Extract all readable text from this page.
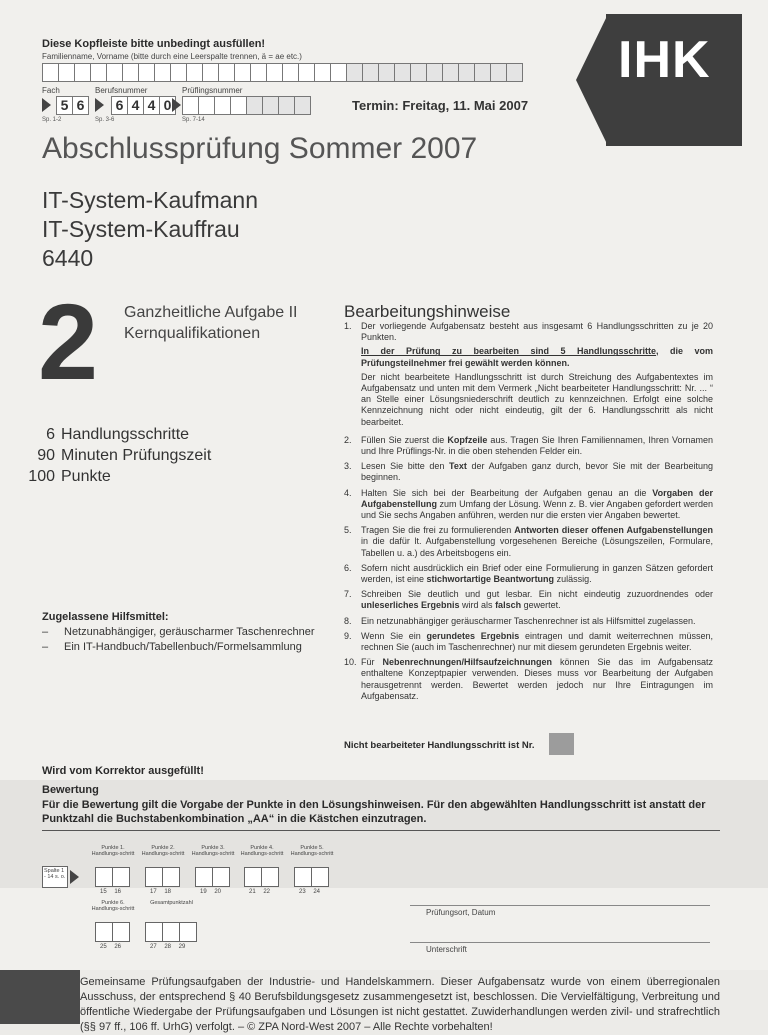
IHK
Diese Kopfleiste bitte unbedingt ausfüllen!
Familienname, Vorname (bitte durch eine Leerspalte trennen, ä = ae etc.)
Fach	Berufsnummer	Prüflingsnummer
5 6	6 4 4 0
Sp. 1-2	Sp. 3-6	Sp. 7-14
Termin: Freitag, 11. Mai 2007
Abschlussprüfung Sommer 2007
IT-System-Kaufmann
IT-System-Kauffrau
6440
2 Ganzheitliche Aufgabe II
Kernqualifikationen
6 Handlungsschritte
90 Minuten Prüfungszeit
100 Punkte
Zugelassene Hilfsmittel:
– Netzunabhängiger, geräuscharmer Taschenrechner
– Ein IT-Handbuch/Tabellenbuch/Formelsammlung
Bearbeitungshinweise
1.	Der vorliegende Aufgabensatz besteht aus insgesamt 6 Handlungsschritten zu je 20 Punkten.

In der Prüfung zu bearbeiten sind 5 Handlungsschritte, die vom Prüfungsteilnehmer frei gewählt werden können.

Der nicht bearbeitete Handlungsschritt ist durch Streichung des Aufgabentextes im Aufgabensatz und unten mit dem Vermerk „Nicht bearbeiteter Handlungsschritt: Nr. ... “ an Stelle einer Lösungsniederschrift deutlich zu kennzeichnen. Erfolgt eine solche Kennzeichnung nicht oder nicht eindeutig, gilt der 6. Handlungsschritt als nicht bearbeitet.

2.	Füllen Sie zuerst die Kopfzeile aus. Tragen Sie Ihren Familiennamen, Ihren Vornamen und Ihre Prüflings-Nr. in die oben stehenden Felder ein.
3.	Lesen Sie bitte den Text der Aufgaben ganz durch, bevor Sie mit der Bearbeitung beginnen.
4.	Halten Sie sich bei der Bearbeitung der Aufgaben genau an die Vorgaben der Aufgabenstellung zum Umfang der Lösung. Wenn z. B. vier Angaben gefordert werden und Sie sechs Angaben anführen, werden nur die ersten vier Angaben bewertet.
5.	Tragen Sie die frei zu formulierenden Antworten dieser offenen Aufgabenstellungen in die dafür lt. Aufgabenstellung vorgesehenen Bereiche (Lösungszeilen, Formulare, Tabellen u. a.) des Arbeitsbogens ein.
6.	Sofern nicht ausdrücklich ein Brief oder eine Formulierung in ganzen Sätzen gefordert werden, ist eine stichwortartige Beantwortung zulässig.
7.	Schreiben Sie deutlich und gut lesbar. Ein nicht eindeutig zuzuordnendes oder unleserliches Ergebnis wird als falsch gewertet.
8.	Ein netzunabhängiger geräuscharmer Taschenrechner ist als Hilfsmittel zugelassen.
9.	Wenn Sie ein gerundetes Ergebnis eintragen und damit weiterrechnen müssen, rechnen Sie (auch im Taschenrechner) nur mit diesem gerundeten Ergebnis weiter.
10. Für Nebenrechnungen/Hilfsaufzeichnungen können Sie das im Aufgabensatz enthaltene Konzeptpapier verwenden. Dieses muss vor Bearbeitung der Aufgaben herausgetrennt werden. Bewertet werden jedoch nur Ihre Eintragungen im Aufgabensatz.
Nicht bearbeiteter Handlungsschritt ist Nr.
Wird vom Korrektor ausgefüllt!
Bewertung
Für die Bewertung gilt die Vorgabe der Punkte in den Lösungshinweisen. Für den abgewählten Handlungsschritt ist anstatt der Punktzahl die Buchstabenkombination „AA“ in die Kästchen einzutragen.
Spalte 1 - 14 s. o.
Punkte 1. Handlungs-schritt
15 16
Punkte 2. Handlungs-schritt
17 18
Punkte 3. Handlungs-schritt
19 20
Punkte 4. Handlungs-schritt
21 22
Punkte 5. Handlungs-schritt
23 24
Punkte 6. Handlungs-schritt
25 26
Gesamtpunktzahl
27 28 29
Prüfungsort, Datum
Unterschrift
Gemeinsame Prüfungsaufgaben der Industrie- und Handelskammern. Dieser Aufgabensatz wurde von einem überregionalen Ausschuss, der entsprechend § 40 Berufsbildungsgesetz zusammengesetzt ist, beschlossen. Die Vervielfältigung, Verbreitung und öffentliche Wiedergabe der Prüfungsaufgaben und Lösungen ist nicht gestattet. Zuwiderhandlungen werden zivil- und strafrechtlich (§§ 97 ff., 106 ff. UrhG) verfolgt. – © ZPA Nord-West 2007 – Alle Rechte vorbehalten!
